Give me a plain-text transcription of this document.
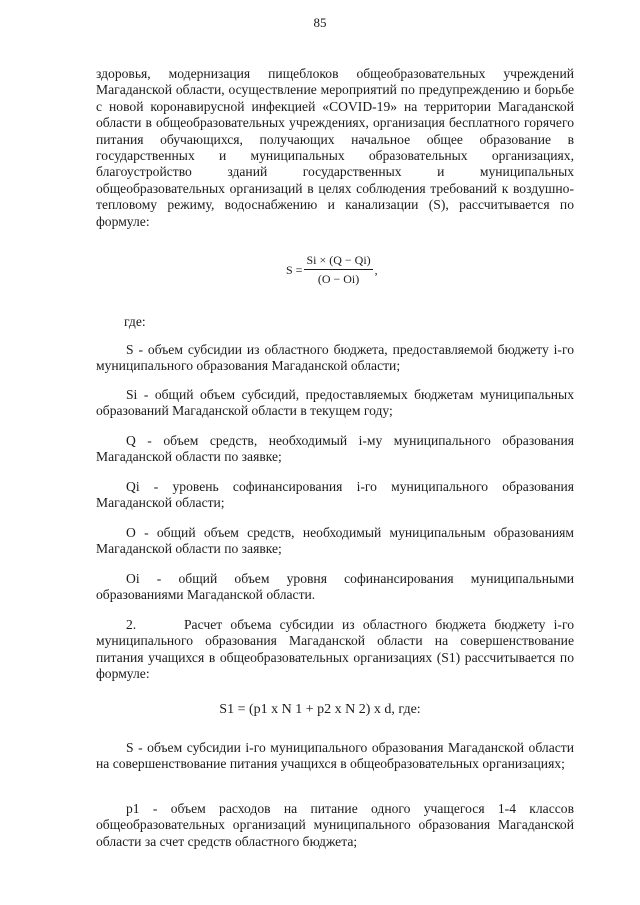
85

здоровья, модернизация пищеблоков общеобразовательных учреждений Магаданской области, осуществление мероприятий по предупреждению и борьбе с новой коронавирусной инфекцией «COVID-19» на территории Магаданской области в общеобразовательных учреждениях, организация бесплатного горячего питания обучающихся, получающих начальное общее образование в государственных и муниципальных образовательных организациях, благоустройство зданий государственных и муниципальных общеобразовательных организаций в целях соблюдения требований к воздушно-тепловому режиму, водоснабжению и канализации (S), рассчитывается по формуле:

$S = \frac{Si \times (Q - Qi)}{(O - Oi)}$ ,
где:

S - объем субсидии из областного бюджета, предоставляемой бюджету i-го муниципального образования Магаданской области;

Si - общий объем субсидий, предоставляемых бюджетам муниципальных образований Магаданской области в текущем году;

Q - объем средств, необходимый i-му муниципального образования Магаданской области по заявке;

Qi - уровень софинансирования i-го муниципального образования Магаданской области;

O - общий объем средств, необходимый муниципальным образованиям Магаданской области по заявке;

Oi - общий объем уровня софинансирования муниципальными образованиями Магаданской области.

2.	Расчет объема субсидии из областного бюджета бюджету i-го муниципального образования Магаданской области на совершенствование питания учащихся в общеобразовательных организациях (S1) рассчитывается по формуле:

S1 = (p1 x N 1 + p2 x N 2) x d, где:

S - объем субсидии i-го муниципального образования Магаданской области на совершенствование питания учащихся в общеобразовательных организациях;

p1 - объем расходов на питание одного учащегося 1-4 классов общеобразовательных организаций муниципального образования Магаданской области за счет средств областного бюджета;
